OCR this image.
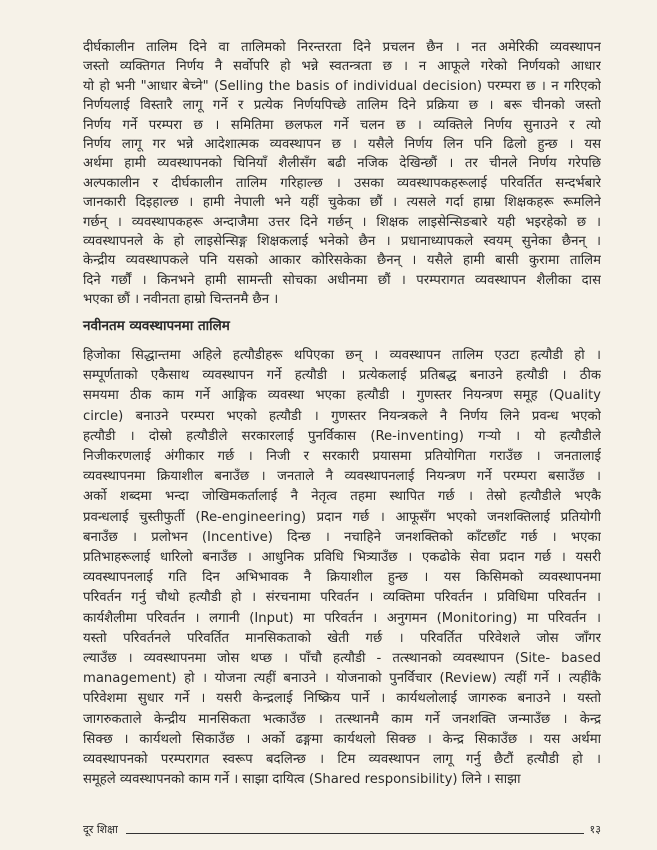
दीर्घकालीन तालिम दिने वा तालिमको निरन्तरता दिने प्रचलन छैन । नत अमेरिकी व्यवस्थापन
जस्तो व्यक्तिगत निर्णय नै सर्वोपरि हो भन्ने स्वतन्त्रता छ । न आफूले गरेको निर्णयको आधार
यो हो भनी "आधार बेच्ने" (Selling the basis of individual decision) परम्परा छ । न गरिएको
निर्णयलाई विस्तारै लागू गर्ने र प्रत्येक निर्णयपिच्छे तालिम दिने प्रक्रिया छ । बरू चीनको जस्तो
निर्णय गर्ने परम्परा छ । समितिमा छलफल गर्ने चलन छ । व्यक्तिले निर्णय सुनाउने र त्यो
निर्णय लागू गर भन्ने आदेशात्मक व्यवस्थापन छ । यसैले निर्णय लिन पनि ढिलो हुन्छ । यस
अर्थमा हामी व्यवस्थापनको चिनियाँ शैलीसँग बढी नजिक देखिन्छौं । तर चीनले निर्णय गरेपछि
अल्पकालीन र दीर्घकालीन तालिम गरिहाल्छ । उसका व्यवस्थापकहरूलाई परिवर्तित सन्दर्भबारे
जानकारी दिइहाल्छ । हामी नेपाली भने यहीं चुकेका छौं । त्यसले गर्दा हाम्रा शिक्षकहरू रूमलिने
गर्छन् । व्यवस्थापकहरू अन्दाजैमा उत्तर दिने गर्छन् । शिक्षक लाइसेन्सिङबारे यही भइरहेको छ ।
व्यवस्थापनले के हो लाइसेन्सिङ्ग शिक्षकलाई भनेको छैन । प्रधानाध्यापकले स्वयम् सुनेका छैनन् ।
केन्द्रीय व्यवस्थापकले पनि यसको आकार कोरिसकेका छैनन् । यसैले हामी बासी कुरामा तालिम
दिने गर्छौं । किनभने हामी सामन्ती सोचका अधीनमा छौं । परम्परागत व्यवस्थापन शैलीका दास
भएका छौं । नवीनता हाम्रो चिन्तनमै छैन ।
नवीनतम व्यवस्थापनमा तालिम
हिजोका सिद्धान्तमा अहिले हत्यौडीहरू थपिएका छन् । व्यवस्थापन तालिम एउटा हत्यौडी हो ।
सम्पूर्णताको एकैसाथ व्यवस्थापन गर्ने हत्यौडी । प्रत्येकलाई प्रतिबद्ध बनाउने हत्यौडी । ठीक
समयमा ठीक काम गर्ने आङ्गिक व्यवस्था भएका हत्यौडी । गुणस्तर नियन्त्रण समूह (Quality
circle) बनाउने परम्परा भएको हत्यौडी । गुणस्तर नियन्त्रकले नै निर्णय लिने प्रवन्ध भएको
हत्यौडी । दोस्रो हत्यौडीले सरकारलाई पुनर्विकास (Re-inventing) गऱ्यो । यो हत्यौडीले
निजीकरणलाई अंगीकार गर्छ । निजी र सरकारी प्रयासमा प्रतियोगिता गराउँछ । जनतालाई
व्यवस्थापनमा क्रियाशील बनाउँछ । जनताले नै व्यवस्थापनलाई नियन्त्रण गर्ने परम्परा बसाउँछ ।
अर्को शब्दमा भन्दा जोखिमकर्तालाई नै नेतृत्व तहमा स्थापित गर्छ । तेस्रो हत्यौडीले भएकै
प्रवन्धलाई चुस्तीफुर्ती (Re-engineering) प्रदान गर्छ । आफूसँग भएको जनशक्तिलाई प्रतियोगी
बनाउँछ । प्रलोभन (Incentive) दिन्छ । नचाहिने जनशक्तिको काँटछाँट गर्छ । भएका
प्रतिभाहरूलाई धारिलो बनाउँछ । आधुनिक प्रविधि भित्र्याउँछ । एकढोके सेवा प्रदान गर्छ । यसरी
व्यवस्थापनलाई गति दिन अभिभावक नै क्रियाशील हुन्छ । यस किसिमको व्यवस्थापनमा
परिवर्तन गर्नु चौथो हत्यौडी हो । संरचनामा परिवर्तन । व्यक्तिमा परिवर्तन । प्रविधिमा परिवर्तन ।
कार्यशैलीमा परिवर्तन । लगानी (Input) मा परिवर्तन । अनुगमन (Monitoring) मा परिवर्तन ।
यस्तो परिवर्तनले परिवर्तित मानसिकताको खेती गर्छ । परिवर्तित परिवेशले जोस जाँगर
ल्याउँछ । व्यवस्थापनमा जोस थप्छ । पाँचौ हत्यौडी - तत्स्थानको व्यवस्थापन (Site- based
management) हो । योजना त्यहीं बनाउने । योजनाको पुनर्विचार (Review) त्यहीं गर्ने । त्यहींकै
परिवेशमा सुधार गर्ने । यसरी केन्द्रलाई निष्क्रिय पार्ने । कार्यथलोलाई जागरुक बनाउने । यस्तो
जागरुकताले केन्द्रीय मानसिकता भत्काउँछ । तत्स्थानमै काम गर्ने जनशक्ति जन्माउँछ । केन्द्र
सिक्छ । कार्यथलो सिकाउँछ । अर्को ढङ्गमा कार्यथलो सिक्छ । केन्द्र सिकाउँछ । यस अर्थमा
व्यवस्थापनको परम्परागत स्वरूप बदलिन्छ । टिम व्यवस्थापन लागू गर्नु छैटौं हत्यौडी हो ।
समूहले व्यवस्थापनको काम गर्ने । साझा दायित्व (Shared responsibility) लिने । साझा
दूर शिक्षा	१३
